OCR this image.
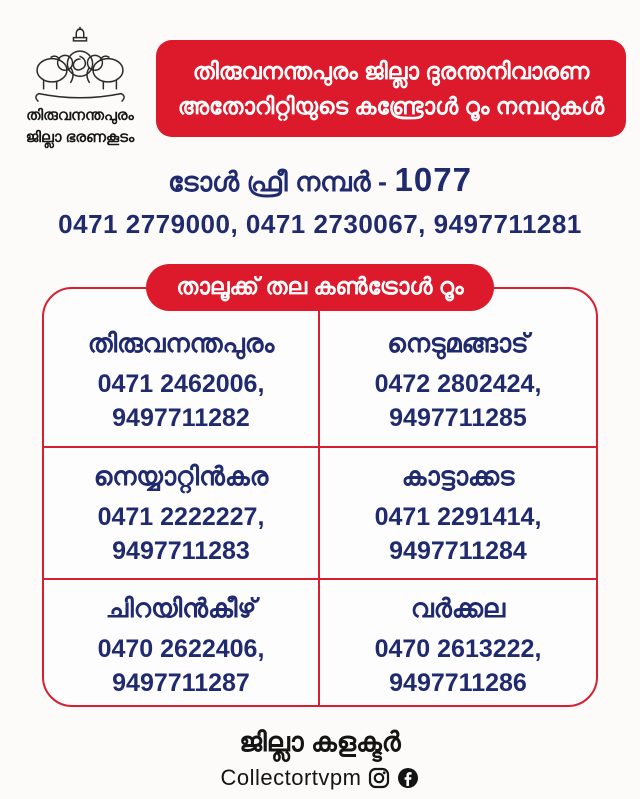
തിരുവനന്തപുരം
ജില്ലാ ഭരണകൂടം
തിരുവനന്തപുരം ജില്ലാ ദുരന്തനിവാരണ
അതോറിറ്റിയുടെ കണ്ട്രോൾ റൂം നമ്പറുകൾ
ടോൾ ഫ്രീ നമ്പർ - 1077
0471 2779000, 0471 2730067, 9497711281
താലൂക്ക് തല കൺട്രോൾ റൂം
തിരുവനന്തപുരം
0471 2462006,
9497711282
നെടുമങ്ങാട്
0472 2802424,
9497711285
നെയ്യാറ്റിൻകര
0471 2222227,
9497711283
കാട്ടാക്കട
0471 2291414,
9497711284
ചിറയിൻകീഴ്
0470 2622406,
9497711287
വർക്കല
0470 2613222,
9497711286
ജില്ലാ കളക്ടർ
Collectortvpm
